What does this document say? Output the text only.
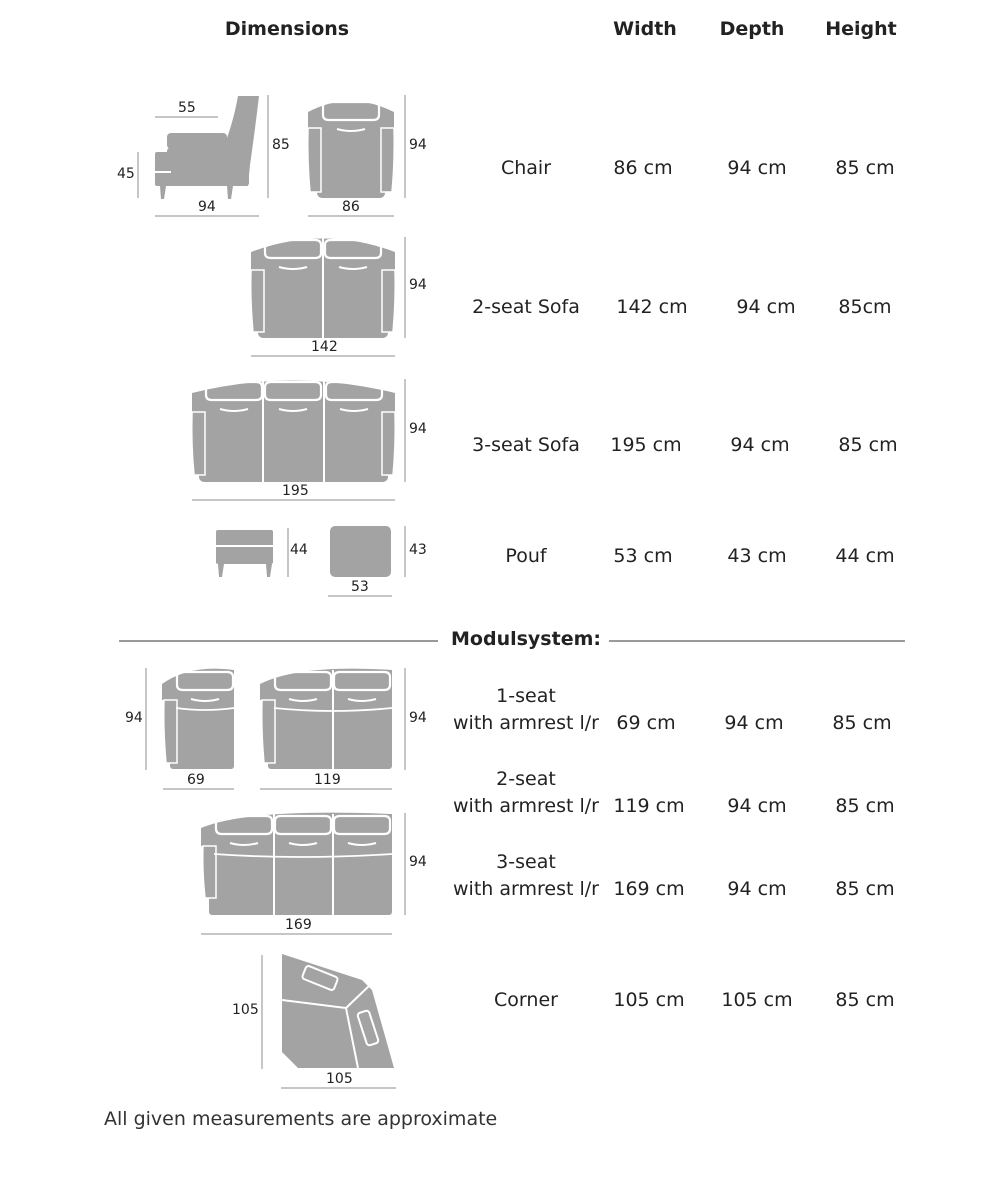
Dimensions	Width	Depth	Height
55
85
45
94
94
86
94
142
94
195
44	43
53
94
69
94
119
94
169
105
105
Chair	86 cm	94 cm	85 cm
2-seat Sofa	142 cm	94 cm	85cm
3-seat Sofa	195 cm	94 cm	85 cm
Pouf	53 cm	43 cm	44 cm
Modulsystem:
1-seat
with armrest l/r 69 cm	94 cm	85 cm
2-seat
with armrest l/r 119 cm	94 cm	85 cm
3-seat
with armrest l/r 169 cm	94 cm	85 cm
Corner	105 cm	105 cm	85 cm
All given measurements are approximate
